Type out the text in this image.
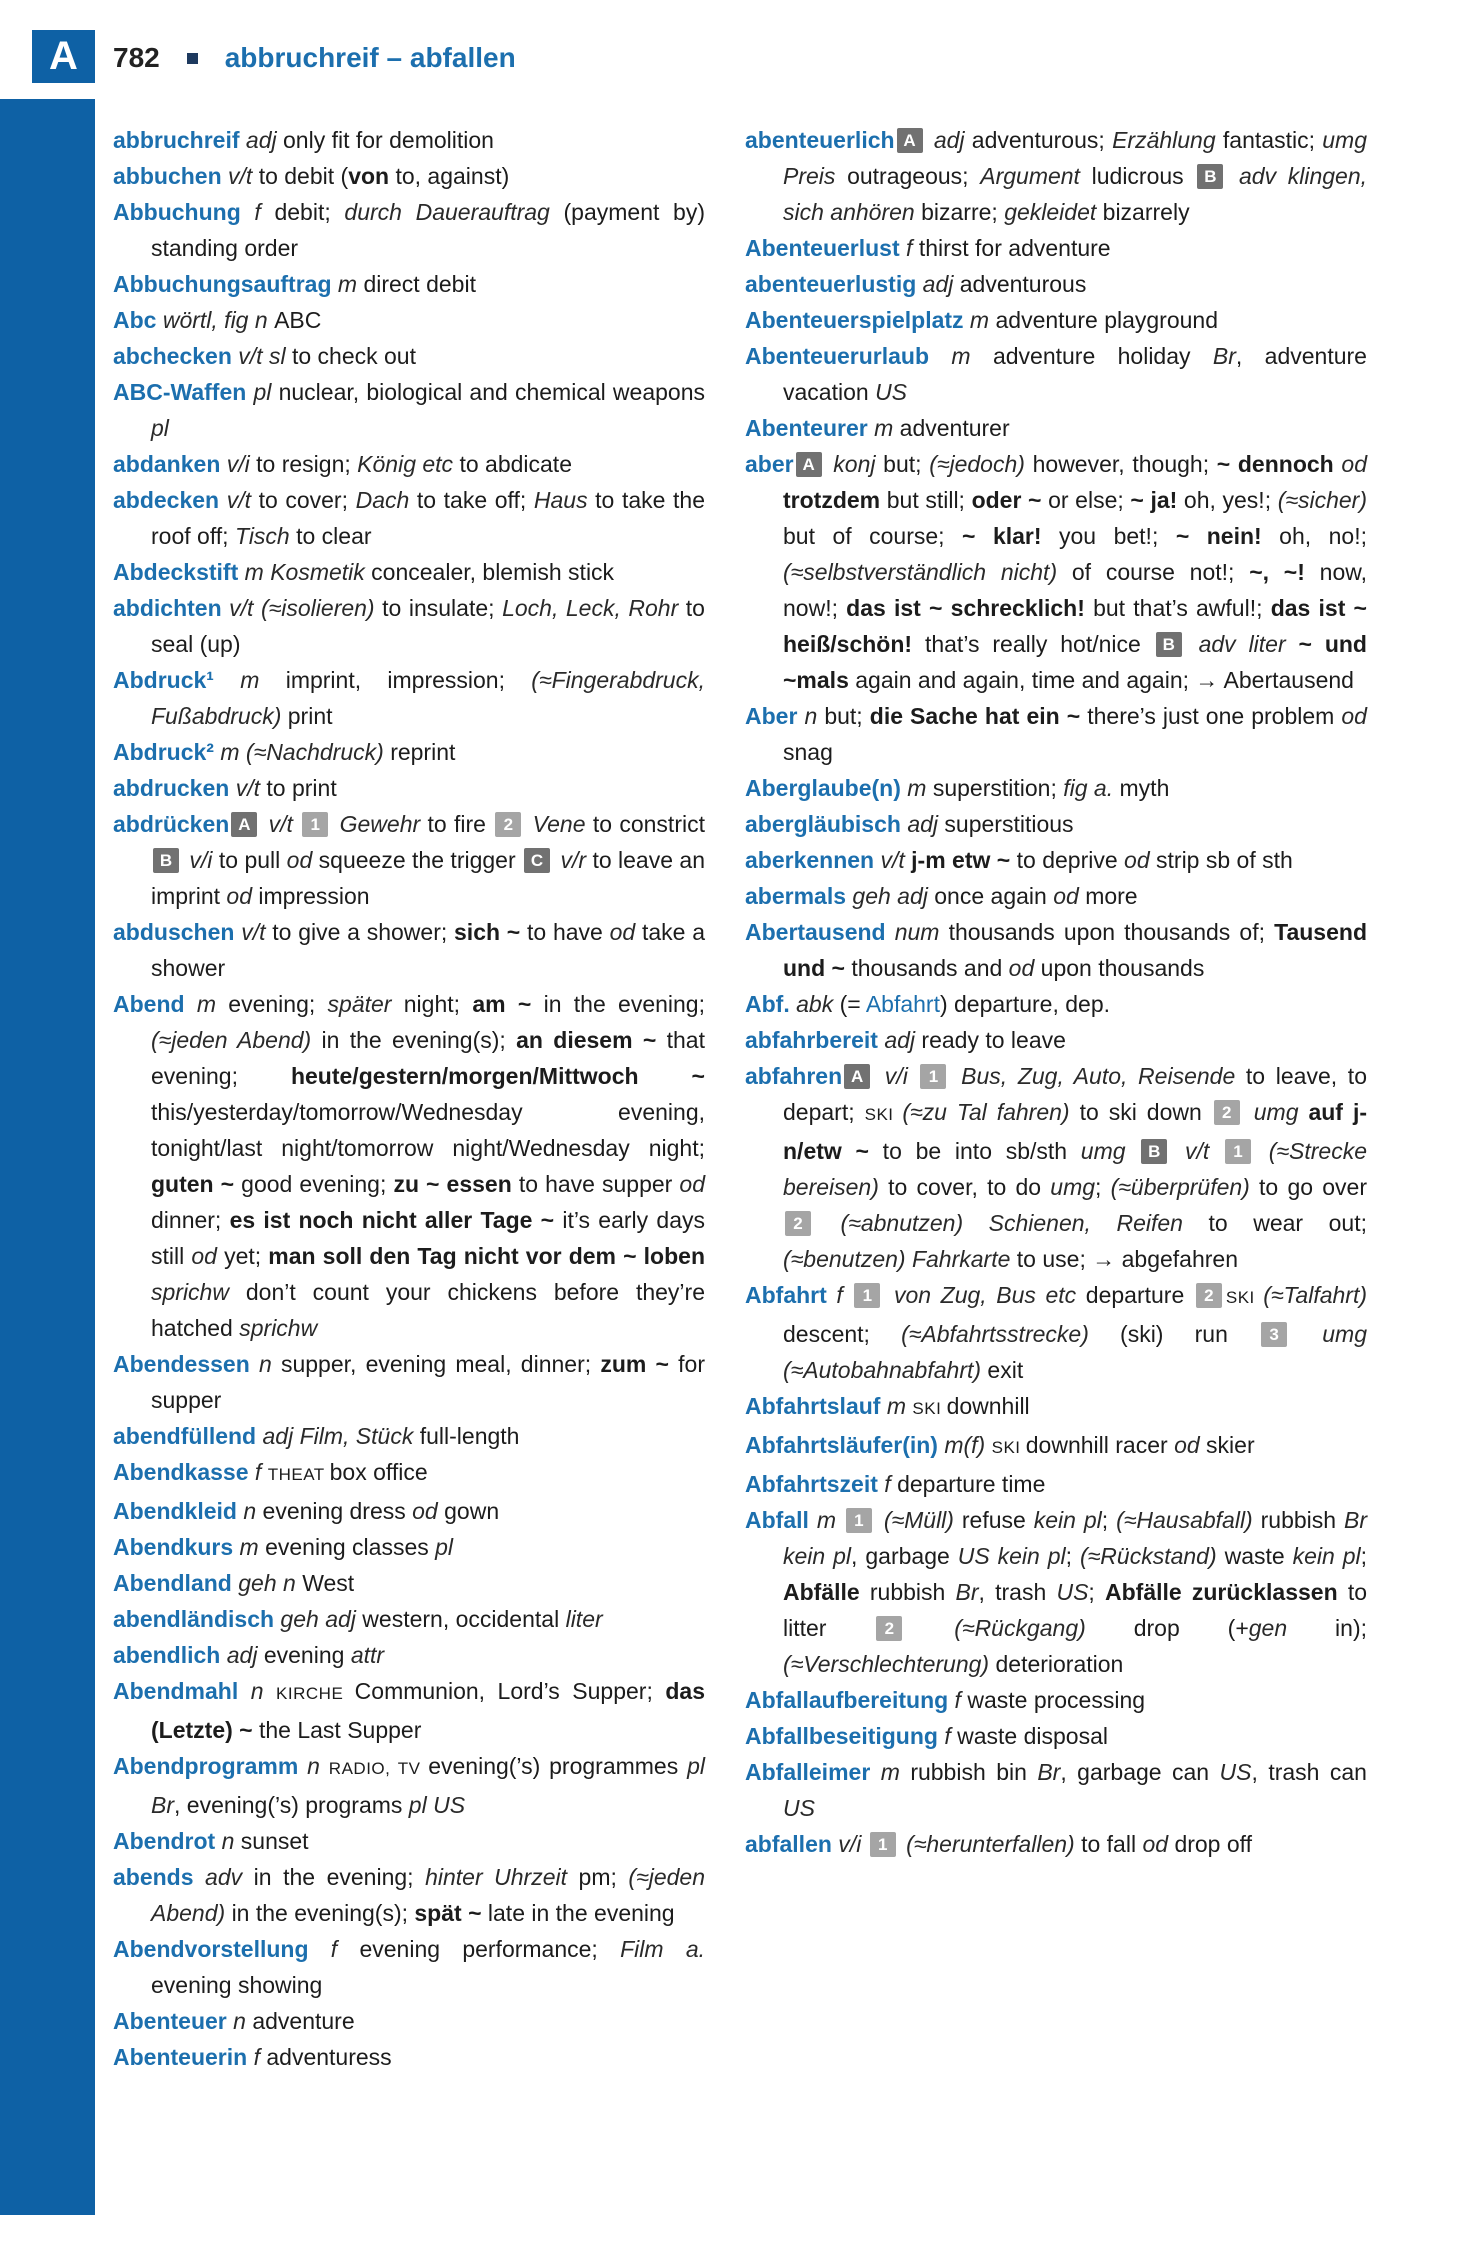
A 782 abbruchreif – abfallen

abbruchreif adj only fit for demolition

abbuchen v/t to debit (von to, against)

Abbuchung f debit; durch Dauerauftrag (payment by) standing order

Abbuchungsauftrag m direct debit

Abc wörtl, fig n ABC

abchecken v/t sl to check out

ABC-Waffen pl nuclear, biological and chemical weapons pl

abdanken v/i to resign; König etc to abdicate

abdecken v/t to cover; Dach to take off; Haus to take the roof off; Tisch to clear

Abdeckstift m Kosmetik concealer, blemish stick

abdichten v/t (≈isolieren) to insulate; Loch, Leck, Rohr to seal (up)

Abdruck¹ m imprint, impression; (≈Fingerabdruck, Fußabdruck) print

Abdruck² m (≈Nachdruck) reprint

abdrucken v/t to print

abdrücken A v/t 1 Gewehr to fire 2 Vene to constrict B v/i to pull od squeeze the trigger C v/r to leave an imprint od impression

abduschen v/t to give a shower; sich ~ to have od take a shower

Abend m evening; später night; am ~ in the evening; (≈jeden Abend) in the evening(s); an diesem ~ that evening; heute/gestern/morgen/Mittwoch ~ this/yesterday/tomorrow/Wednesday evening, tonight/last night/tomorrow night/Wednesday night; guten ~ good evening; zu ~ essen to have supper od dinner; es ist noch nicht aller Tage ~ it’s early days still od yet; man soll den Tag nicht vor dem ~ loben sprichw don’t count your chickens before they’re hatched sprichw

Abendessen n supper, evening meal, dinner; zum ~ for supper

abendfüllend adj Film, Stück full-length

Abendkasse f THEAT box office

Abendkleid n evening dress od gown

Abendkurs m evening classes pl

Abendland geh n West

abendländisch geh adj western, occidental liter

abendlich adj evening attr

Abendmahl n KIRCHE Communion, Lord’s Supper; das (Letzte) ~ the Last Supper

Abendprogramm n RADIO, TV evening(’s) programmes pl Br, evening(’s) programs pl US

Abendrot n sunset

abends adv in the evening; hinter Uhrzeit pm; (≈jeden Abend) in the evening(s); spät ~ late in the evening

Abendvorstellung f evening performance; Film a. evening showing

Abenteuer n adventure

Abenteuerin f adventuress

abenteuerlich A adj adventurous; Erzählung fantastic; umg Preis outrageous; Argument ludicrous B adv klingen, sich anhören bizarre; gekleidet bizarrely

Abenteuerlust f thirst for adventure

abenteuerlustig adj adventurous

Abenteuerspielplatz m adventure playground

Abenteuerurlaub m adventure holiday Br, adventure vacation US

Abenteurer m adventurer

aber A konj but; (≈jedoch) however, though; ~ dennoch od trotzdem but still; oder ~ or else; ~ ja! oh, yes!; (≈sicher) but of course; ~ klar! you bet!; ~ nein! oh, no!; (≈selbstverständlich nicht) of course not!; ~, ~! now, now!; das ist ~ schrecklich! but that’s awful!; das ist ~ heiß/schön! that’s really hot/nice B adv liter ~ und ~mals again and again, time and again; → Abertausend

Aber n but; die Sache hat ein ~ there’s just one problem od snag

Aberglaube(n) m superstition; fig a. myth

abergläubisch adj superstitious

aberkennen v/t j-m etw ~ to deprive od strip sb of sth

abermals geh adj once again od more

Abertausend num thousands upon thousands of; Tausend und ~ thousands and od upon thousands

Abf. abk (= Abfahrt) departure, dep.

abfahrbereit adj ready to leave

abfahren A v/i 1 Bus, Zug, Auto, Reisende to leave, to depart; SKI (≈zu Tal fahren) to ski down 2 umg auf j-n/etw ~ to be into sb/sth umg B v/t 1 (≈Strecke bereisen) to cover, to do umg; (≈überprüfen) to go over 2 (≈abnutzen) Schienen, Reifen to wear out; (≈benutzen) Fahrkarte to use; → abgefahren

Abfahrt f 1 von Zug, Bus etc departure 2 SKI (≈Talfahrt) descent; (≈Abfahrtsstrecke) (ski) run 3 umg (≈Autobahnabfahrt) exit

Abfahrtslauf m SKI downhill

Abfahrtsläufer(in) m(f) SKI downhill racer od skier

Abfahrtszeit f departure time

Abfall m 1 (≈Müll) refuse kein pl; (≈Hausabfall) rubbish Br kein pl, garbage US kein pl; (≈Rückstand) waste kein pl; Abfälle rubbish Br, trash US; Abfälle zurücklassen to litter 2 (≈Rückgang) drop (+gen in); (≈Verschlechterung) deterioration

Abfallaufbereitung f waste processing

Abfallbeseitigung f waste disposal

Abfalleimer m rubbish bin Br, garbage can US, trash can US

abfallen v/i 1 (≈herunterfallen) to fall od drop off
